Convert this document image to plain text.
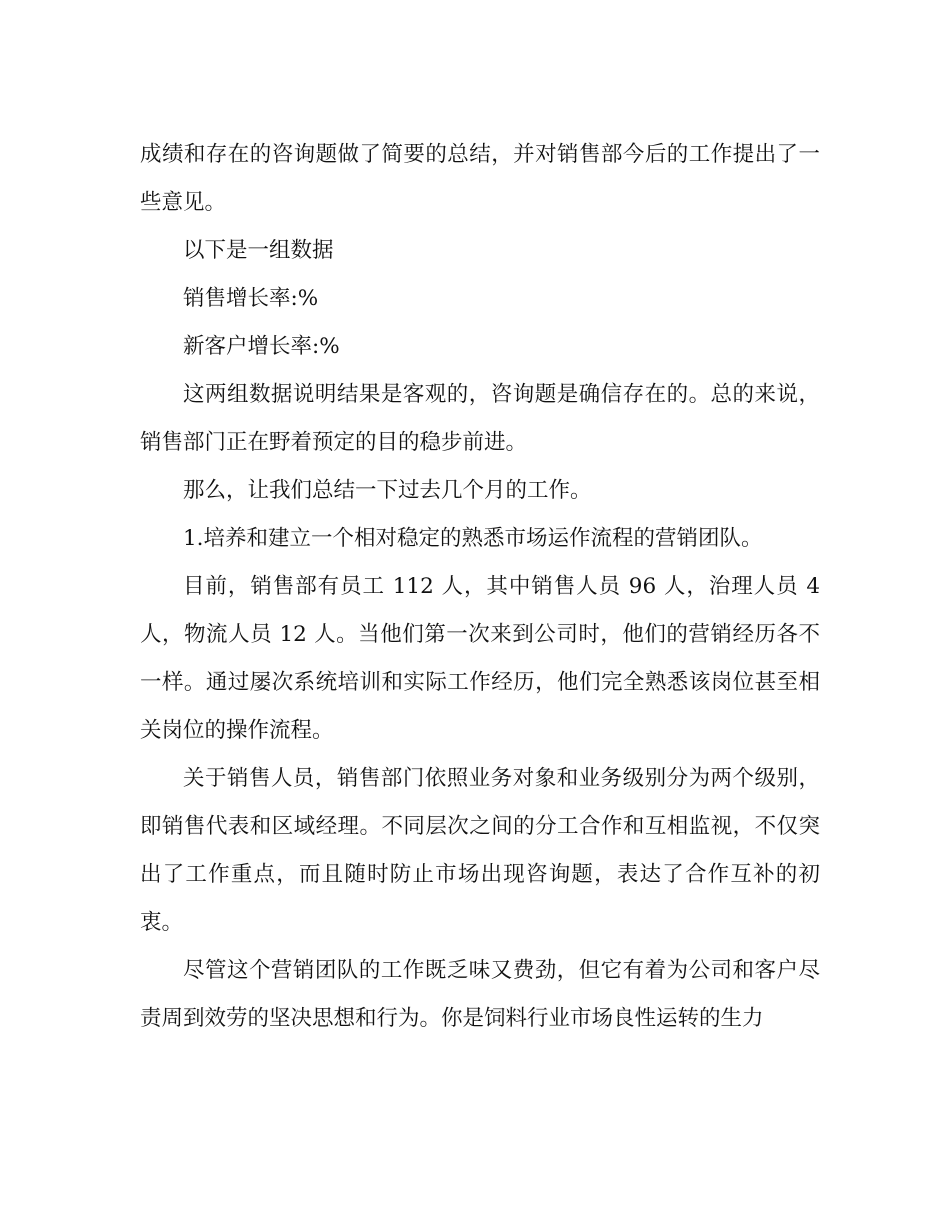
成绩和存在的咨询题做了简要的总结，并对销售部今后的工作提出了一些意见。

以下是一组数据

销售增长率:%

新客户增长率:%

这两组数据说明结果是客观的，咨询题是确信存在的。总的来说，销售部门正在野着预定的目的稳步前进。

那么，让我们总结一下过去几个月的工作。

1.培养和建立一个相对稳定的熟悉市场运作流程的营销团队。

目前，销售部有员工 112 人，其中销售人员 96 人，治理人员 4 人，物流人员 12 人。当他们第一次来到公司时，他们的营销经历各不一样。通过屡次系统培训和实际工作经历，他们完全熟悉该岗位甚至相关岗位的操作流程。

关于销售人员，销售部门依照业务对象和业务级别分为两个级别，即销售代表和区域经理。不同层次之间的分工合作和互相监视，不仅突出了工作重点，而且随时防止市场出现咨询题，表达了合作互补的初衷。

尽管这个营销团队的工作既乏味又费劲，但它有着为公司和客户尽责周到效劳的坚决思想和行为。你是饲料行业市场良性运转的生力
